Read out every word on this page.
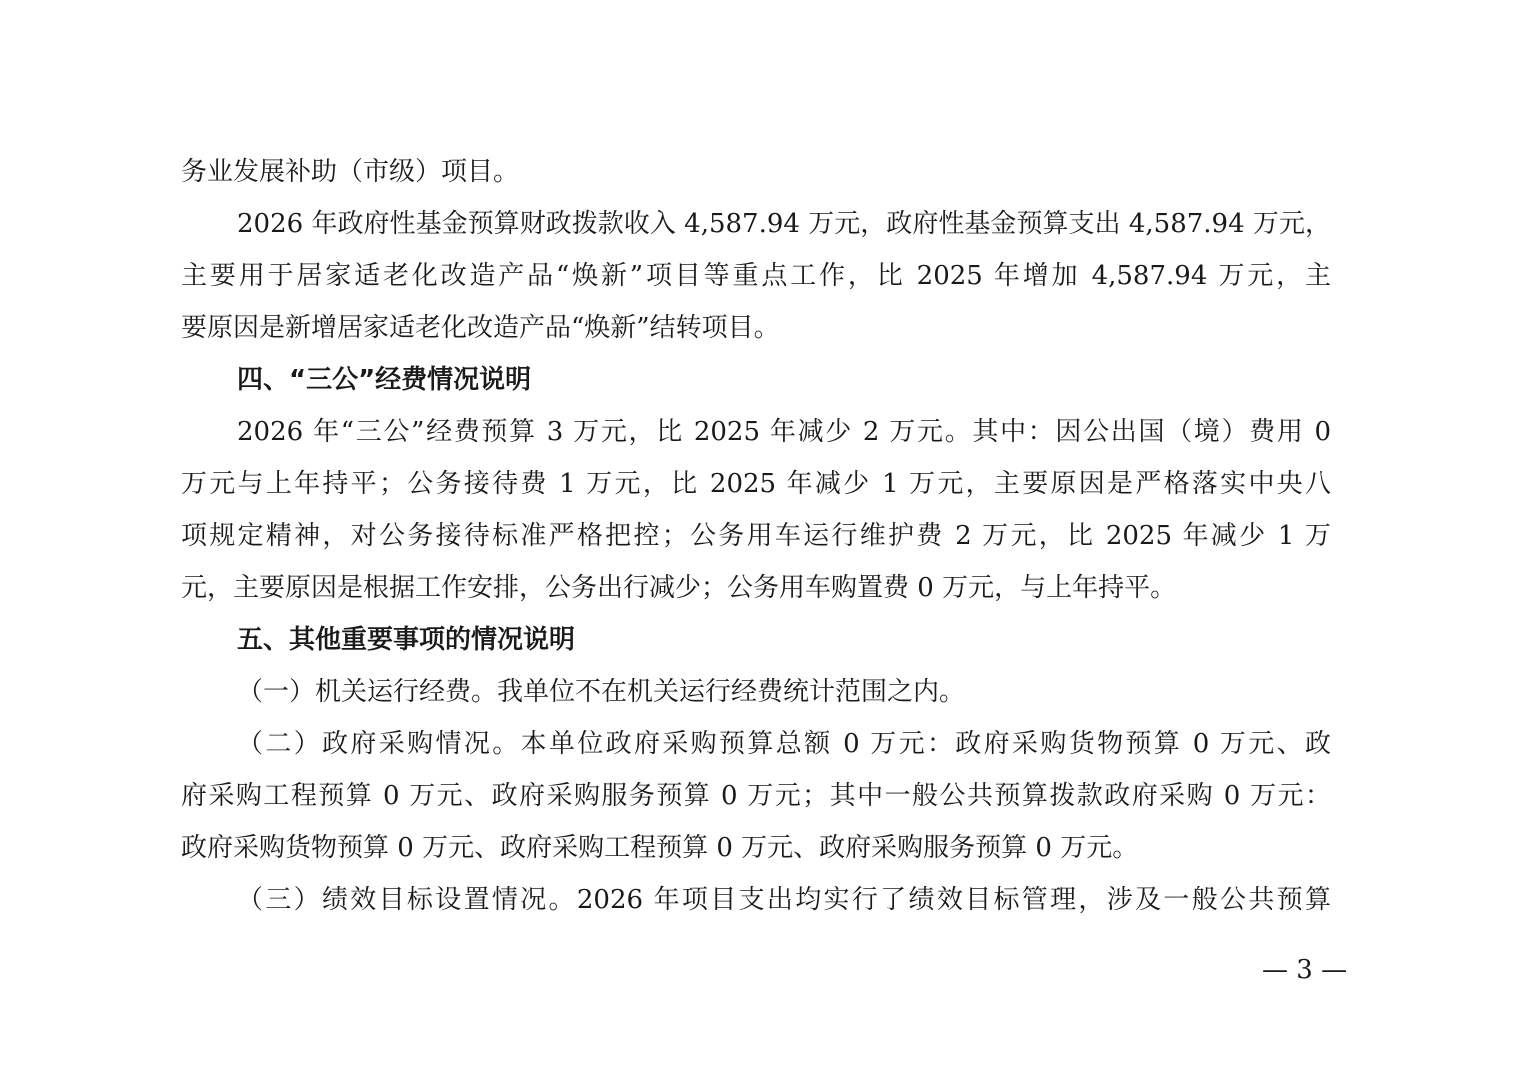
务业发展补助（市级）项目。
2026 年政府性基金预算财政拨款收入 4,587.94 万元，政府性基金预算支出 4,587.94 万元，
主要用于居家适老化改造产品“焕新”项目等重点工作，比 2025 年增加 4,587.94 万元，主
要原因是新增居家适老化改造产品“焕新”结转项目。
四、“三公”经费情况说明
2026 年“三公”经费预算 3 万元，比 2025 年减少 2 万元。其中：因公出国（境）费用 0
万元与上年持平；公务接待费 1 万元，比 2025 年减少 1 万元，主要原因是严格落实中央八
项规定精神，对公务接待标准严格把控；公务用车运行维护费 2 万元，比 2025 年减少 1 万
元，主要原因是根据工作安排，公务出行减少；公务用车购置费 0 万元，与上年持平。
五、其他重要事项的情况说明
（一）机关运行经费。我单位不在机关运行经费统计范围之内。
（二）政府采购情况。本单位政府采购预算总额 0 万元：政府采购货物预算 0 万元、政
府采购工程预算 0 万元、政府采购服务预算 0 万元；其中一般公共预算拨款政府采购 0 万元：
政府采购货物预算 0 万元、政府采购工程预算 0 万元、政府采购服务预算 0 万元。
（三）绩效目标设置情况。2026 年项目支出均实行了绩效目标管理，涉及一般公共预算
— 3 —
